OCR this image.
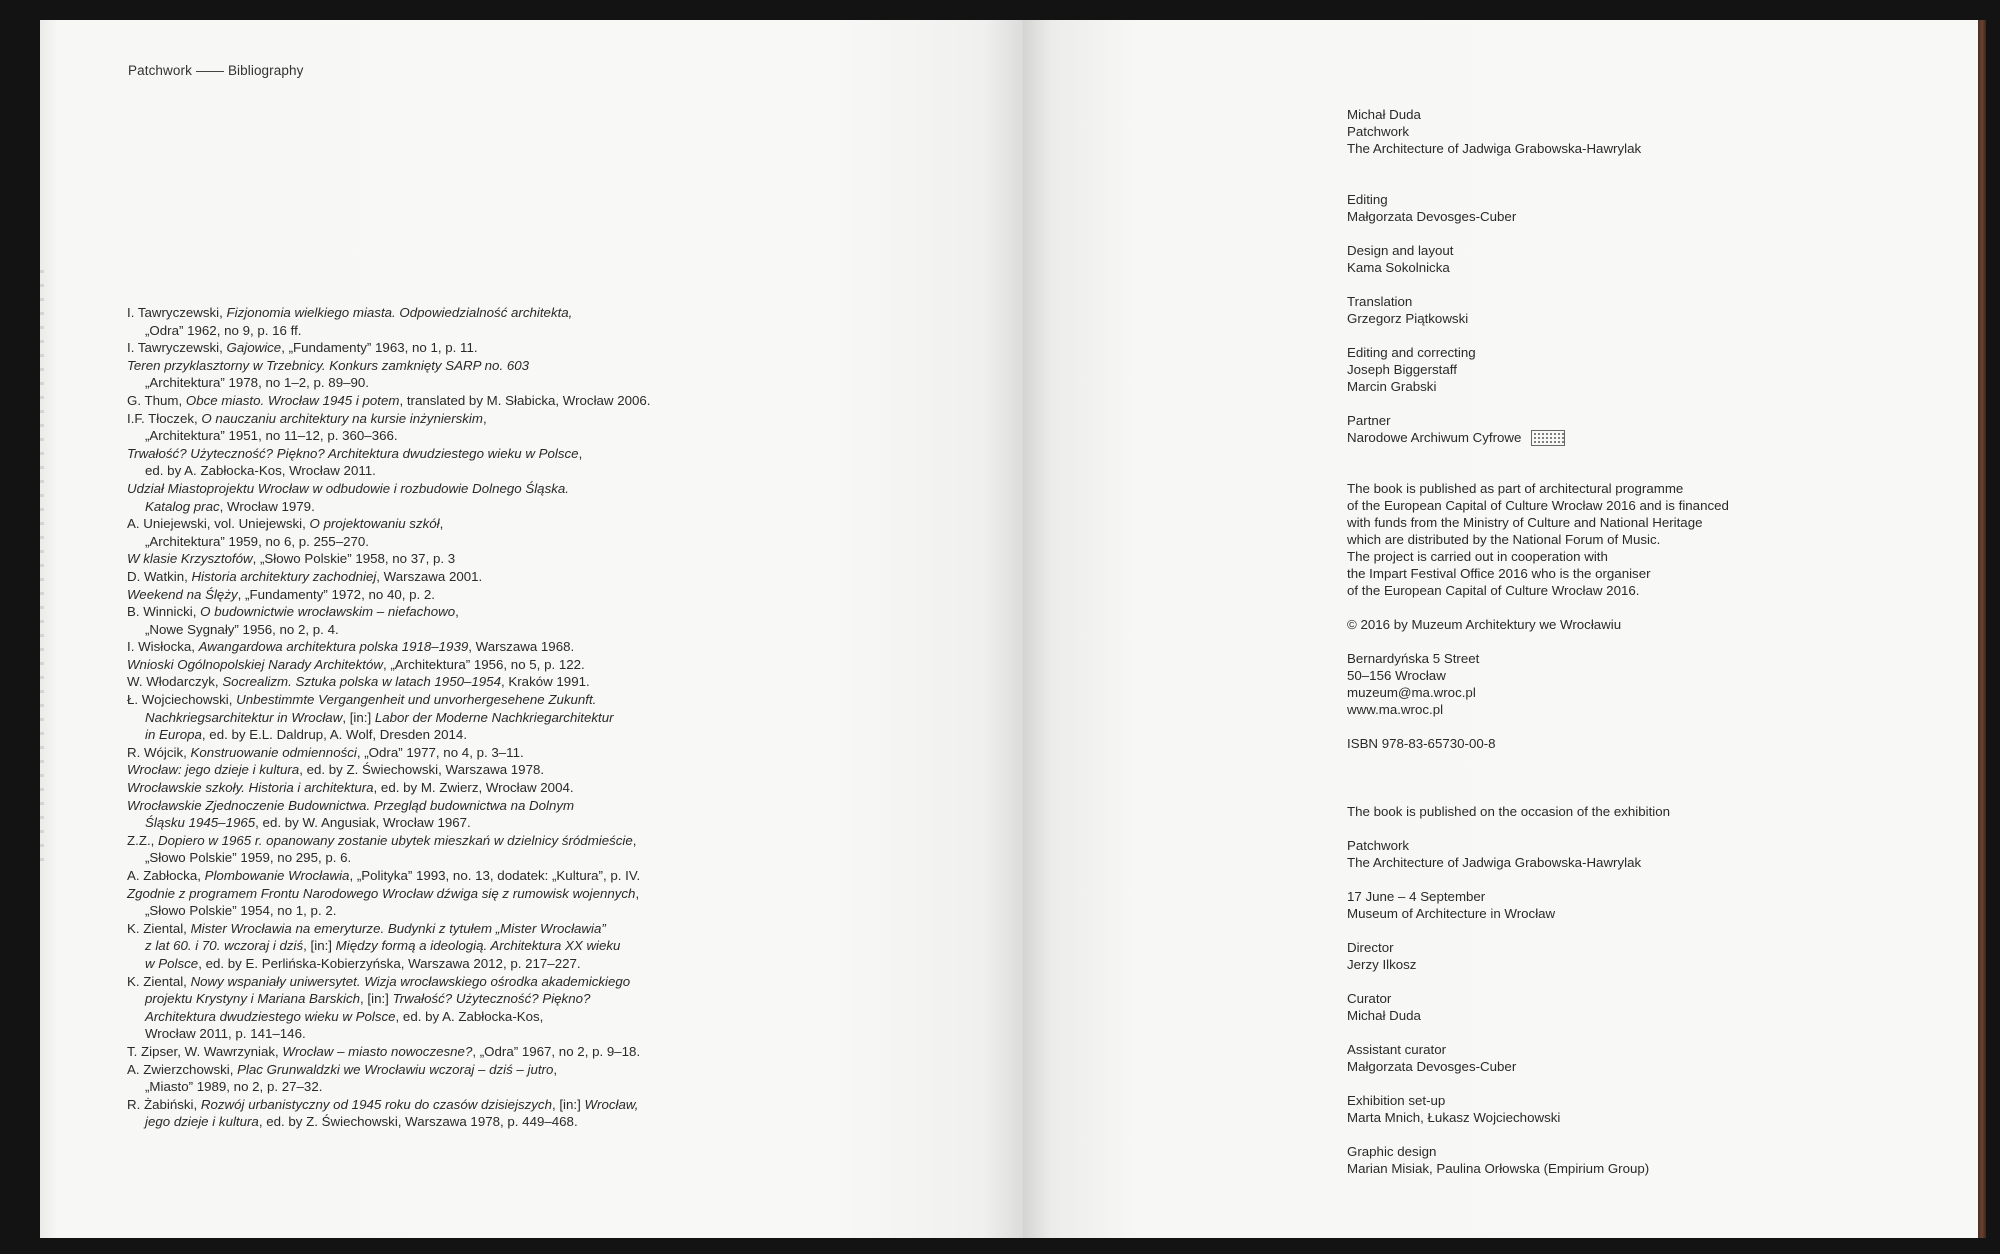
Patchwork	Bibliography
I. Tawryczewski, Fizjonomia wielkiego miasta. Odpowiedzialność architekta,
„Odra” 1962, no 9, p. 16 ff.
I. Tawryczewski, Gajowice, „Fundamenty” 1963, no 1, p. 11.
Teren przyklasztorny w Trzebnicy. Konkurs zamknięty SARP no. 603
„Architektura” 1978, no 1–2, p. 89–90.
G. Thum, Obce miasto. Wrocław 1945 i potem, translated by M. Słabicka, Wrocław 2006.
I.F. Tłoczek, O nauczaniu architektury na kursie inżynierskim,
„Architektura” 1951, no 11–12, p. 360–366.
Trwałość? Użyteczność? Piękno? Architektura dwudziestego wieku w Polsce,
ed. by A. Zabłocka-Kos, Wrocław 2011.
Udział Miastoprojektu Wrocław w odbudowie i rozbudowie Dolnego Śląska.
Katalog prac, Wrocław 1979.
A. Uniejewski, vol. Uniejewski, O projektowaniu szkół,
„Architektura” 1959, no 6, p. 255–270.
W klasie Krzysztofów, „Słowo Polskie” 1958, no 37, p. 3
D. Watkin, Historia architektury zachodniej, Warszawa 2001.
Weekend na Ślęży, „Fundamenty” 1972, no 40, p. 2.
B. Winnicki, O budownictwie wrocławskim – niefachowo,
„Nowe Sygnały” 1956, no 2, p. 4.
I. Wisłocka, Awangardowa architektura polska 1918–1939, Warszawa 1968.
Wnioski Ogólnopolskiej Narady Architektów, „Architektura” 1956, no 5, p. 122.
W. Włodarczyk, Socrealizm. Sztuka polska w latach 1950–1954, Kraków 1991.
Ł. Wojciechowski, Unbestimmte Vergangenheit und unvorhergesehene Zukunft.
Nachkriegsarchitektur in Wrocław, [in:] Labor der Moderne Nachkriegarchitektur
in Europa, ed. by E.L. Daldrup, A. Wolf, Dresden 2014.
R. Wójcik, Konstruowanie odmienności, „Odra” 1977, no 4, p. 3–11.
Wrocław: jego dzieje i kultura, ed. by Z. Świechowski, Warszawa 1978.
Wrocławskie szkoły. Historia i architektura, ed. by M. Zwierz, Wrocław 2004.
Wrocławskie Zjednoczenie Budownictwa. Przegląd budownictwa na Dolnym
Śląsku 1945–1965, ed. by W. Angusiak, Wrocław 1967.
Z.Z., Dopiero w 1965 r. opanowany zostanie ubytek mieszkań w dzielnicy śródmieście,
„Słowo Polskie” 1959, no 295, p. 6.
A. Zabłocka, Plombowanie Wrocławia, „Polityka” 1993, no. 13, dodatek: „Kultura”, p. IV.
Zgodnie z programem Frontu Narodowego Wrocław dźwiga się z rumowisk wojennych,
„Słowo Polskie” 1954, no 1, p. 2.
K. Ziental, Mister Wrocławia na emeryturze. Budynki z tytułem „Mister Wrocławia”
z lat 60. i 70. wczoraj i dziś, [in:] Między formą a ideologią. Architektura XX wieku
w Polsce, ed. by E. Perlińska-Kobierzyńska, Warszawa 2012, p. 217–227.
K. Ziental, Nowy wspaniały uniwersytet. Wizja wrocławskiego ośrodka akademickiego
projektu Krystyny i Mariana Barskich, [in:] Trwałość? Użyteczność? Piękno?
Architektura dwudziestego wieku w Polsce, ed. by A. Zabłocka-Kos,
Wrocław 2011, p. 141–146.
T. Zipser, W. Wawrzyniak, Wrocław – miasto nowoczesne?, „Odra” 1967, no 2, p. 9–18.
A. Zwierzchowski, Plac Grunwaldzki we Wrocławiu wczoraj – dziś – jutro,
„Miasto” 1989, no 2, p. 27–32.
R. Żabiński, Rozwój urbanistyczny od 1945 roku do czasów dzisiejszych, [in:] Wrocław,
jego dzieje i kultura, ed. by Z. Świechowski, Warszawa 1978, p. 449–468.
Michał Duda
Patchwork
The Architecture of Jadwiga Grabowska-Hawrylak

Editing
Małgorzata Devosges-Cuber
Design and layout
Kama Sokolnicka
Translation
Grzegorz Piątkowski
Editing and correcting
Joseph Biggerstaff
Marcin Grabski
Partner
Narodowe Archiwum Cyfrowe

The book is published as part of architectural programme
of the European Capital of Culture Wrocław 2016 and is financed
with funds from the Ministry of Culture and National Heritage
which are distributed by the National Forum of Music.
The project is carried out in cooperation with
the Impart Festival Office 2016 who is the organiser
of the European Capital of Culture Wrocław 2016.
© 2016 by Muzeum Architektury we Wrocławiu
Bernardyńska 5 Street
50–156 Wrocław
muzeum@ma.wroc.pl
www.ma.wroc.pl
ISBN 978-83-65730-00-8

The book is published on the occasion of the exhibition
Patchwork
The Architecture of Jadwiga Grabowska-Hawrylak
17 June – 4 September
Museum of Architecture in Wrocław
Director
Jerzy Ilkosz
Curator
Michał Duda
Assistant curator
Małgorzata Devosges-Cuber
Exhibition set-up
Marta Mnich, Łukasz Wojciechowski
Graphic design
Marian Misiak, Paulina Orłowska (Empirium Group)
